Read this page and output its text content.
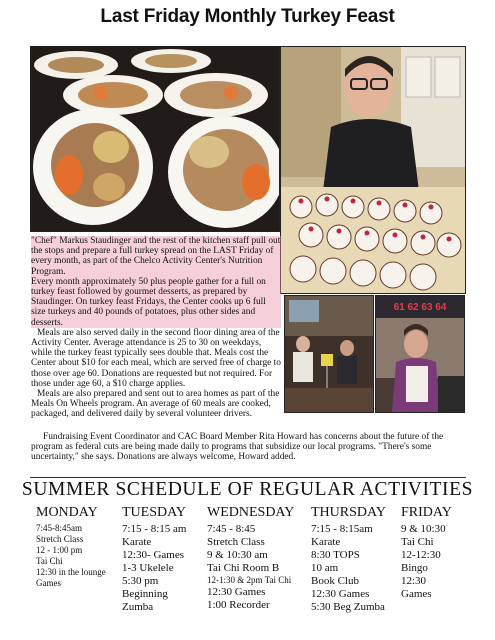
Last Friday Monthly Turkey Feast
61 62 63 64

"Chef" Markus Staudinger and the rest of the kitchen staff pull out the stops and prepare a full turkey spread on the LAST Friday of every month, as part of the Chelco Activity Center's Nutrition Program.

Every month approximately 50 plus people gather for a full on turkey feast followed by gourmet desserts, as prepared by Staudinger. On turkey feast Fridays, the Center cooks up 6 full size turkeys and 40 pounds of potatoes, plus other sides and desserts.

Meals are also served daily in the second floor dining area of the Activity Center. Average attendance is 25 to 30 on weekdays, while the turkey feast typically sees double that. Meals cost the Center about $10 for each meal, which are served free of charge to those over age 60. Donations are requested but not required. For those under age 60, a $10 charge applies.

Meals are also prepared and sent out to area homes as part of the Meals On Wheels program. An average of 60 meals are cooked, packaged, and delivered daily by several volunteer drivers.

Fundraising Event Coordinator and CAC Board Member Rita Howard has concerns about the future of the program as federal cuts are being made daily to programs that subsidize our local programs. "There's some uncertainty," she says. Donations are always welcome, Howard added.

SUMMER SCHEDULE OF REGULAR ACTIVITIES
MONDAY
7:45-8:45am
Stretch Class
12 - 1:00 pm
Tai Chi
12:30 in the lounge
Games
TUESDAY
7:15 - 8:15 am
Karate
12:30- Games
1-3 Ukelele
5:30 pm
Beginning
Zumba
WEDNESDAY
7:45 - 8:45
Stretch Class
9 & 10:30 am
Tai Chi Room B
12-1:30 & 2pm Tai Chi
12:30 Games
1:00 Recorder
THURSDAY
7:15 - 8:15am
Karate
8:30 TOPS
10 am
Book Club
12:30 Games
5:30 Beg Zumba
FRIDAY
9 & 10:30
Tai Chi
12-12:30
Bingo
12:30
Games
